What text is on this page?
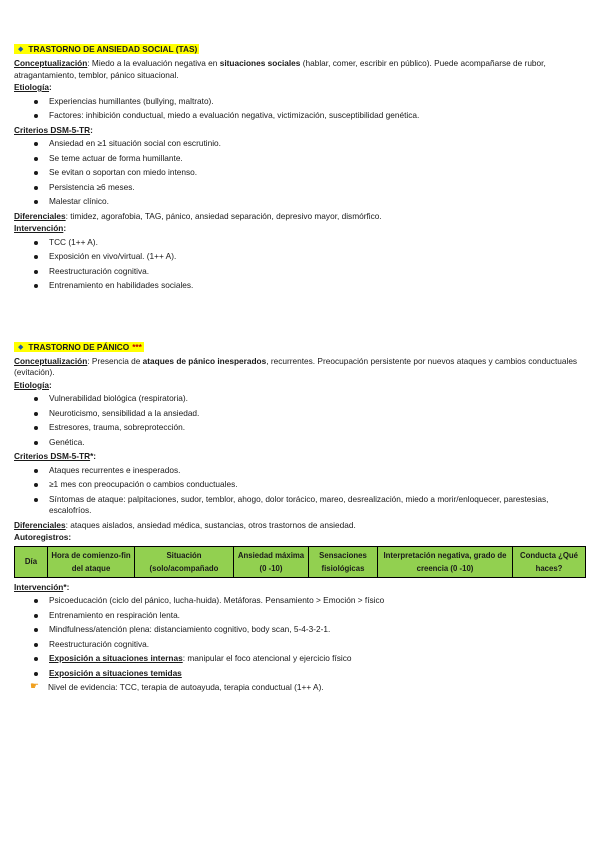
◆ TRASTORNO DE ANSIEDAD SOCIAL (TAS)

Conceptualización: Miedo a la evaluación negativa en situaciones sociales (hablar, comer, escribir en público). Puede acompañarse de rubor, atragantamiento, temblor, pánico situacional.

Etiología:
Experiencias humillantes (bullying, maltrato).
Factores: inhibición conductual, miedo a evaluación negativa, victimización, susceptibilidad genética.
Criterios DSM-5-TR:
Ansiedad en ≥1 situación social con escrutinio.
Se teme actuar de forma humillante.
Se evitan o soportan con miedo intenso.
Persistencia ≥6 meses.
Malestar clínico.

Diferenciales: timidez, agorafobia, TAG, pánico, ansiedad separación, depresivo mayor, dismórfico.

Intervención:
TCC (1++ A).
Exposición en vivo/virtual. (1++ A).
Reestructuración cognitiva.
Entrenamiento en habilidades sociales.
◆ TRASTORNO DE PÁNICO ***

Conceptualización: Presencia de ataques de pánico inesperados, recurrentes. Preocupación persistente por nuevos ataques y cambios conductuales (evitación).

Etiología:
Vulnerabilidad biológica (respiratoria).
Neuroticismo, sensibilidad a la ansiedad.
Estresores, trauma, sobreprotección.
Genética.
Criterios DSM-5-TR*:
Ataques recurrentes e inesperados.
≥1 mes con preocupación o cambios conductuales.
Síntomas de ataque: palpitaciones, sudor, temblor, ahogo, dolor torácico, mareo, desrealización, miedo a morir/enloquecer, parestesias, escalofríos.

Diferenciales: ataques aislados, ansiedad médica, sustancias, otros trastornos de ansiedad.

Autoregistros:
Día	Hora de comienzo-fin del ataque	Situación (solo/acompañado	Ansiedad máxima (0 -10)	Sensaciones fisiológicas	Interpretación negativa, grado de creencia (0 -10)	Conducta ¿Qué haces?
Intervención*:
Psicoeducación (ciclo del pánico, lucha-huida). Metáforas. Pensamiento > Emoción > físico
Entrenamiento en respiración lenta.
Mindfulness/atención plena: distanciamiento cognitivo, body scan, 5-4-3-2-1.
Reestructuración cognitiva.
Exposición a situaciones internas: manipular el foco atencional y ejercicio físico
Exposición a situaciones temidas
☛ Nivel de evidencia: TCC, terapia de autoayuda, terapia conductual (1++ A).
